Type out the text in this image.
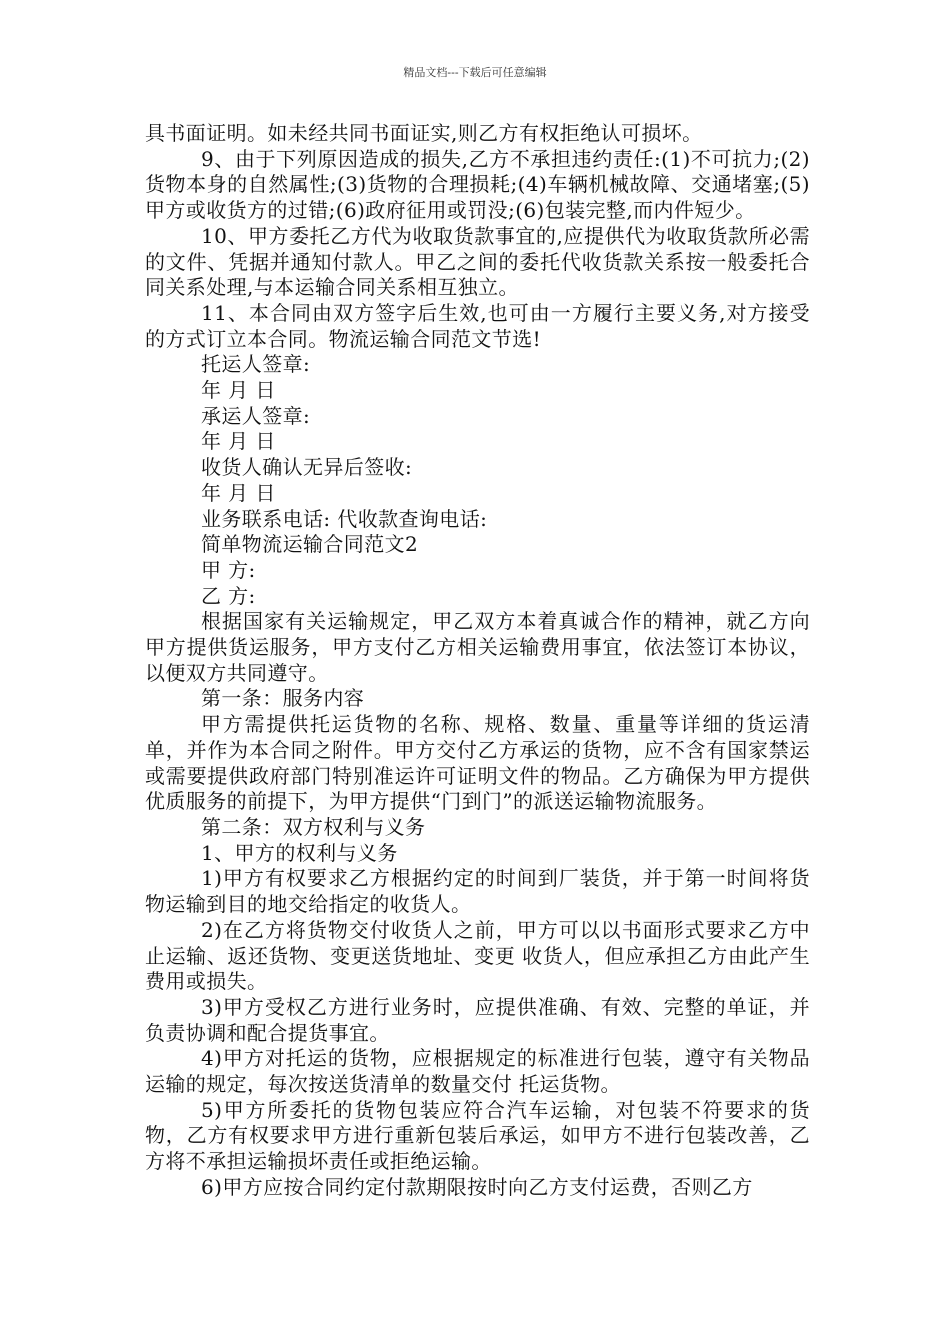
精品文档---下载后可任意编辑

具书面证明。如未经共同书面证实,则乙方有权拒绝认可损坏。

9、由于下列原因造成的损失,乙方不承担违约责任:(1)不可抗力;(2)货物本身的自然属性;(3)货物的合理损耗;(4)车辆机械故障、交通堵塞;(5)甲方或收货方的过错;(6)政府征用或罚没;(6)包装完整,而内件短少。

10、甲方委托乙方代为收取货款事宜的,应提供代为收取货款所必需的文件、凭据并通知付款人。甲乙之间的委托代收货款关系按一般委托合同关系处理,与本运输合同关系相互独立。

11、本合同由双方签字后生效,也可由一方履行主要义务,对方接受的方式订立本合同。物流运输合同范文节选!

托运人签章:

年 月 日

承运人签章:

年 月 日

收货人确认无异后签收:

年 月 日

业务联系电话: 代收款查询电话:

简单物流运输合同范文2

甲 方:

乙 方:

根据国家有关运输规定，甲乙双方本着真诚合作的精神，就乙方向甲方提供货运服务，甲方支付乙方相关运输费用事宜，依法签订本协议，以便双方共同遵守。

第一条：服务内容

甲方需提供托运货物的名称、规格、数量、重量等详细的货运清单，并作为本合同之附件。甲方交付乙方承运的货物，应不含有国家禁运或需要提供政府部门特别准运许可证明文件的物品。乙方确保为甲方提供优质服务的前提下，为甲方提供“门到门”的派送运输物流服务。

第二条：双方权利与义务

1、甲方的权利与义务

1)甲方有权要求乙方根据约定的时间到厂装货，并于第一时间将货物运输到目的地交给指定的收货人。

2)在乙方将货物交付收货人之前，甲方可以以书面形式要求乙方中止运输、返还货物、变更送货地址、变更 收货人，但应承担乙方由此产生费用或损失。

3)甲方受权乙方进行业务时，应提供准确、有效、完整的单证，并负责协调和配合提货事宜。

4)甲方对托运的货物，应根据规定的标准进行包装，遵守有关物品运输的规定，每次按送货清单的数量交付 托运货物。

5)甲方所委托的货物包装应符合汽车运输，对包装不符要求的货物，乙方有权要求甲方进行重新包装后承运，如甲方不进行包装改善，乙方将不承担运输损坏责任或拒绝运输。

6)甲方应按合同约定付款期限按时向乙方支付运费，否则乙方
